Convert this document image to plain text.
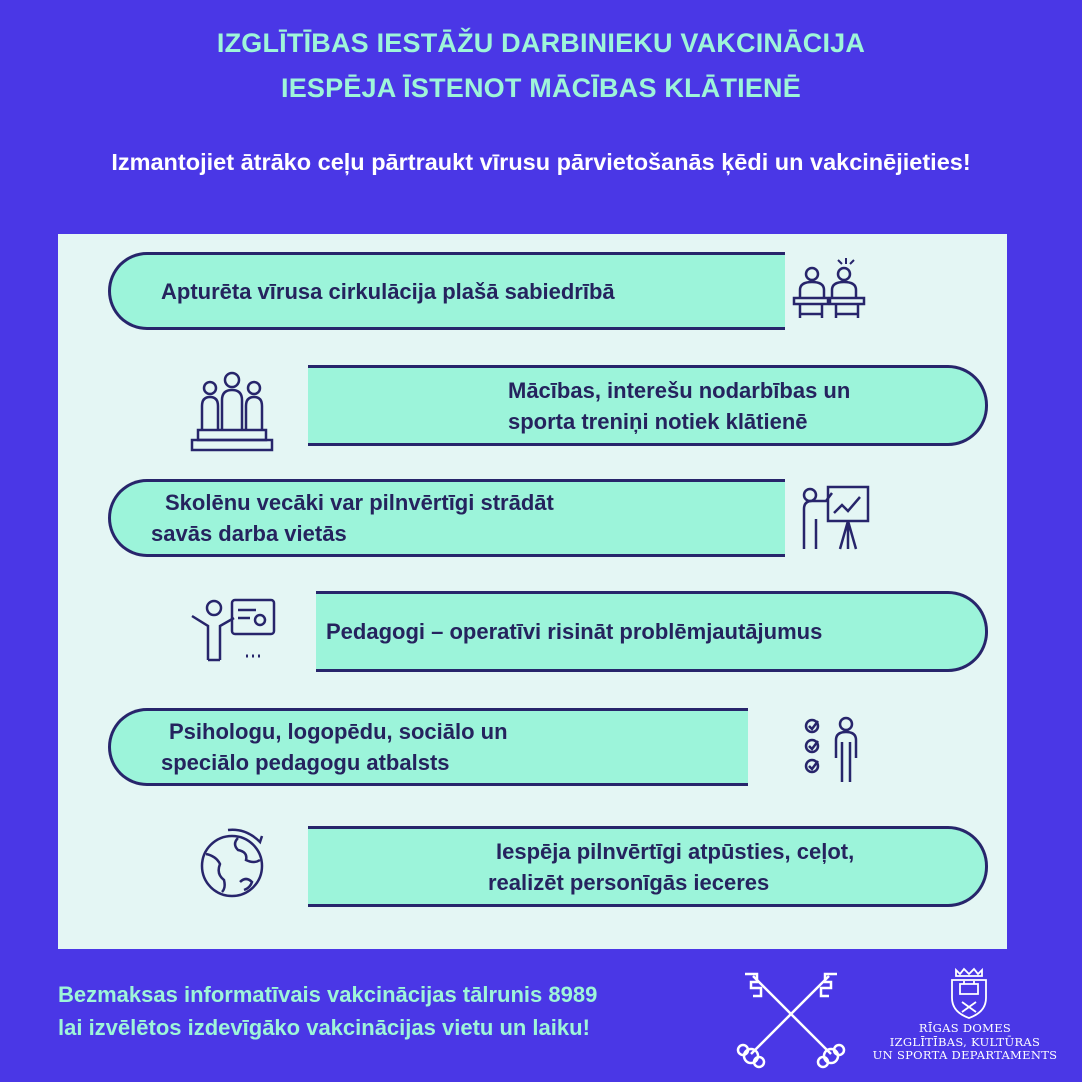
IZGLĪTĪBAS IESTĀŽU DARBINIEKU VAKCINĀCIJA
IESPĒJA ĪSTENOT MĀCĪBAS KLĀTIENĒ
Izmantojiet ātrāko ceļu pārtraukt vīrusu pārvietošanās ķēdi un vakcinējieties!
Apturēta vīrusa cirkulācija plašā sabiedrībā
Mācības, interešu nodarbības un
sporta treniņi notiek klātienē
Skolēnu vecāki var pilnvērtīgi strādāt
savās darba vietās
Pedagogi – operatīvi risināt problēmjautājumus
Psihologu, logopēdu, sociālo un
speciālo pedagogu atbalsts
Iespēja pilnvērtīgi atpūsties, ceļot,
realizēt personīgās ieceres
Bezmaksas informatīvais vakcinācijas tālrunis 8989
lai izvēlētos izdevīgāko vakcinācijas vietu un laiku!	RĪGAS DOMES
IZGLĪTĪBAS, KULTŪRAS
UN SPORTA DEPARTAMENTS
